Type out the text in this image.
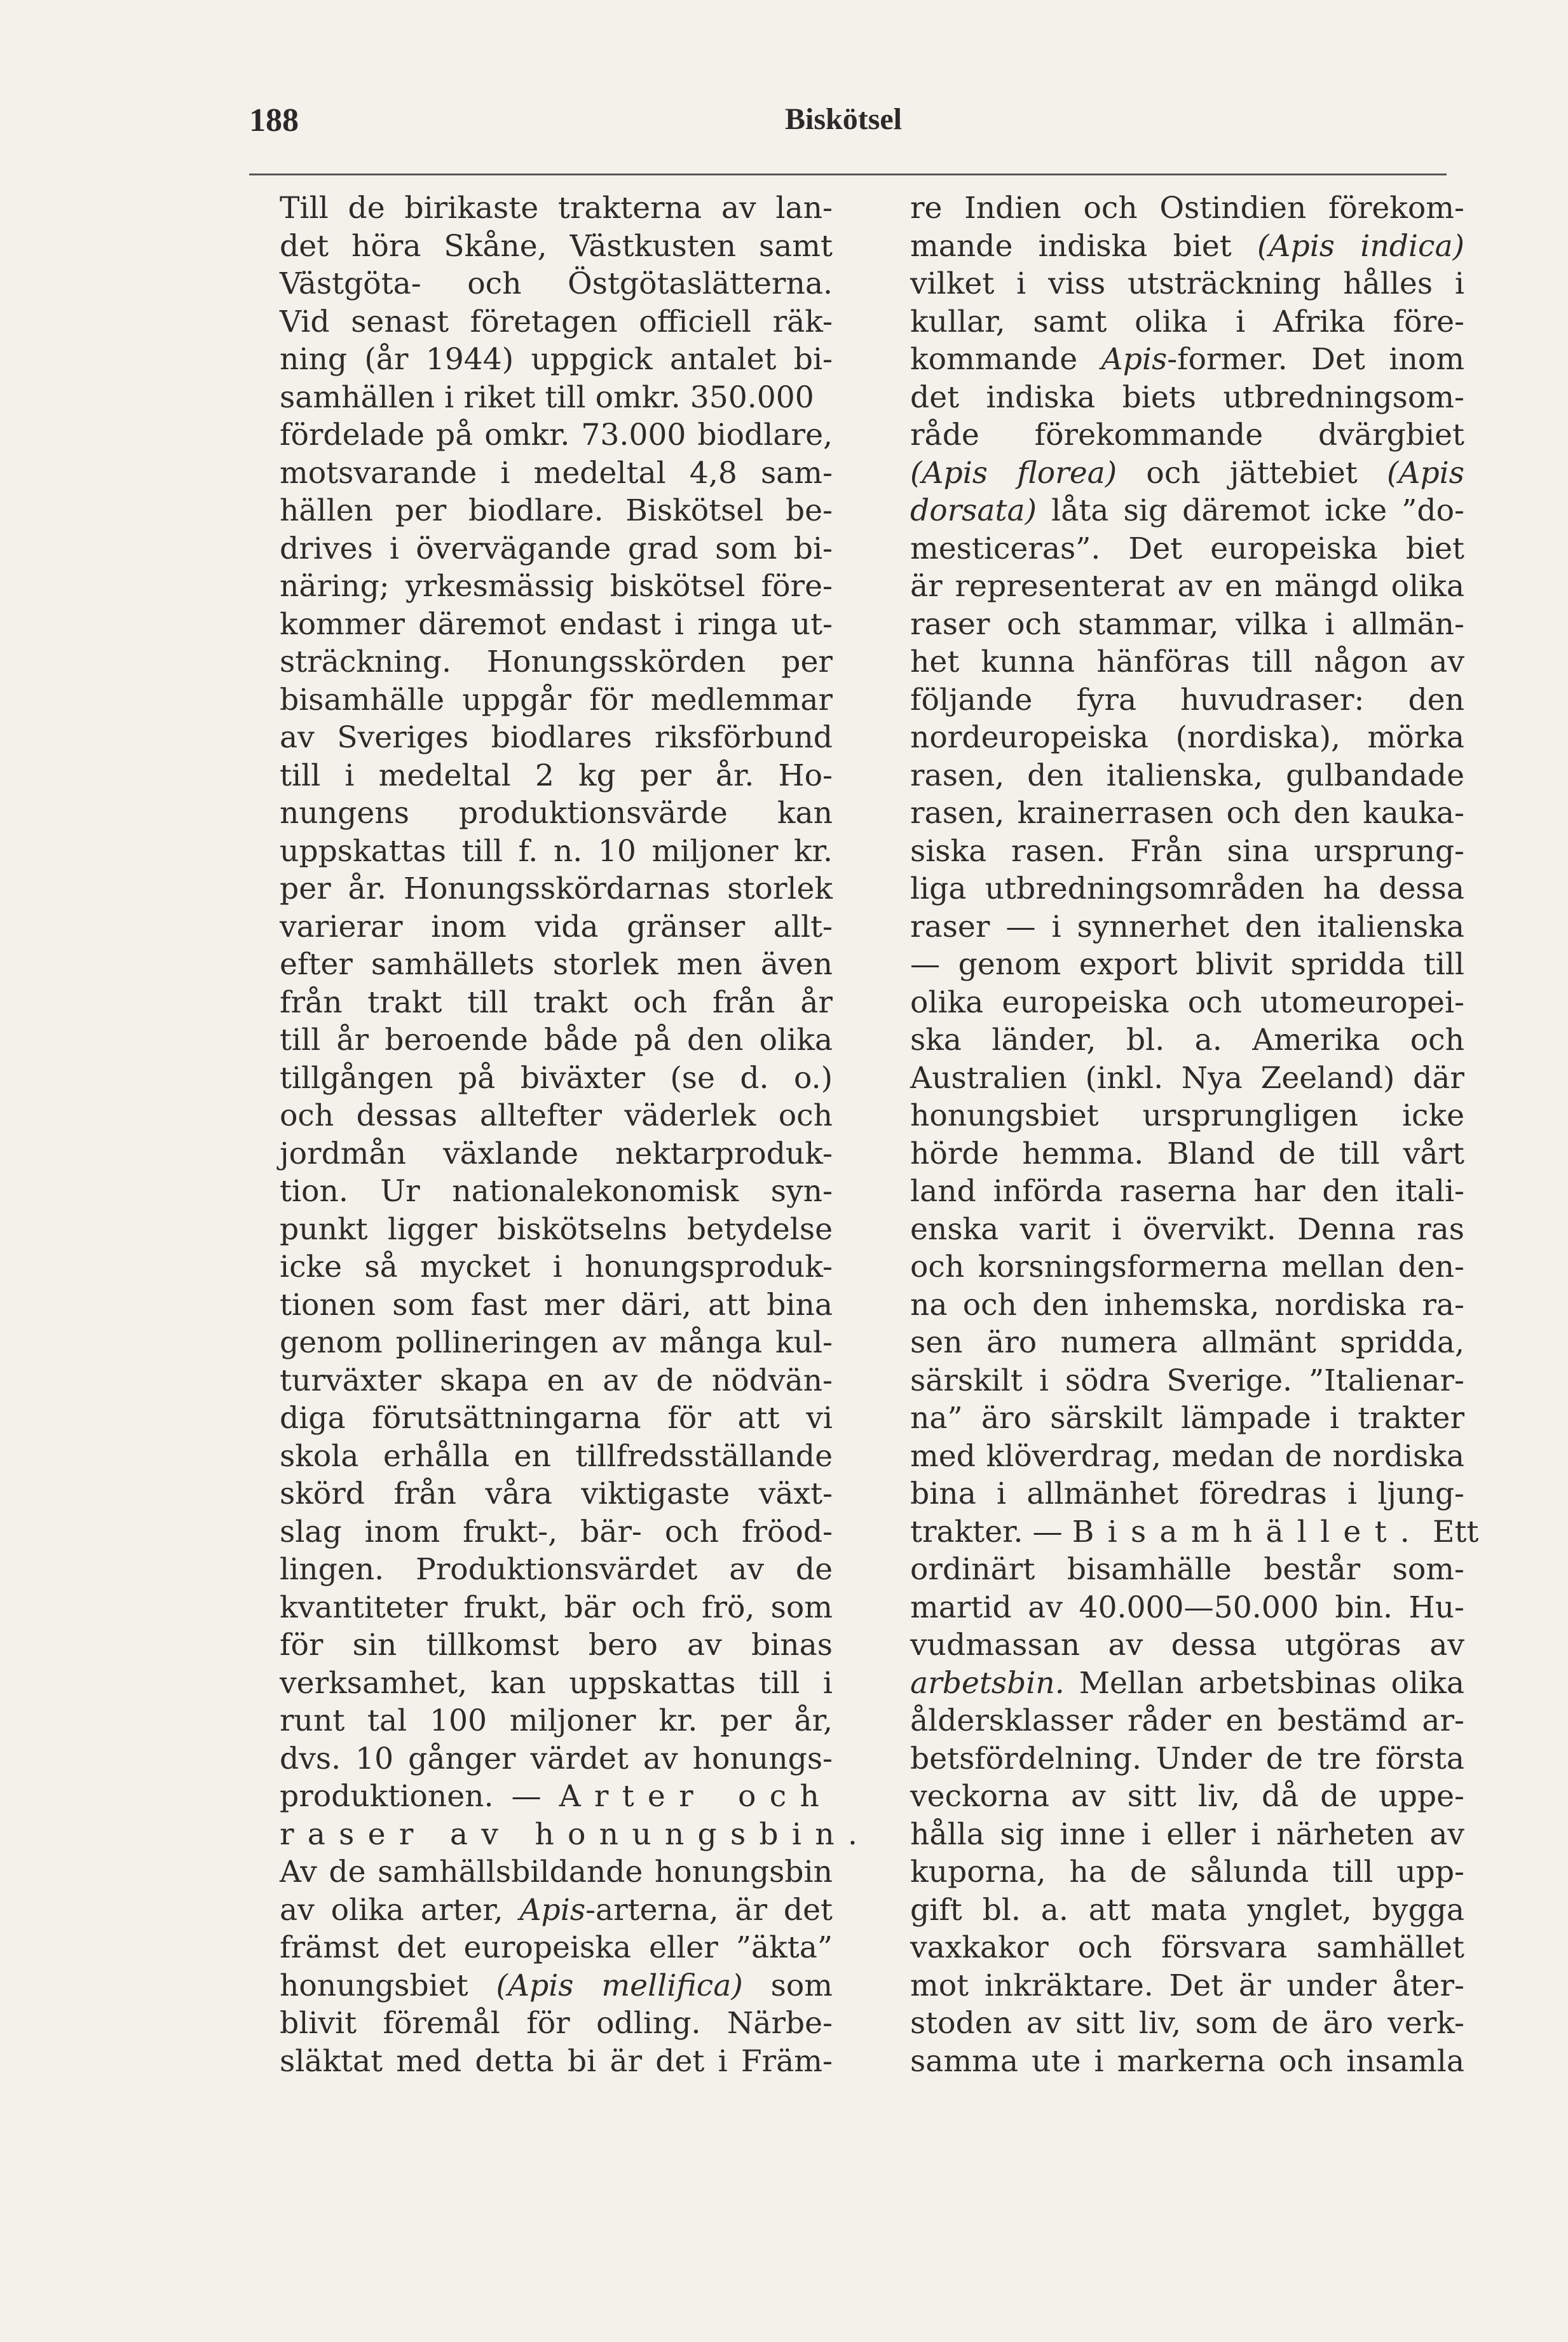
188	Biskötsel
Till de birikaste trakterna av lan-
det höra Skåne, Västkusten samt
Västgöta- och Östgötaslätterna.
Vid senast företagen officiell räk-
ning (år 1944) uppgick antalet bi-
samhällen i riket till omkr. 350.000
fördelade på omkr. 73.000 biodlare,
motsvarande i medeltal 4,8 sam-
hällen per biodlare. Biskötsel be-
drives i övervägande grad som bi-
näring; yrkesmässig biskötsel före-
kommer däremot endast i ringa ut-
sträckning. Honungsskörden per
bisamhälle uppgår för medlemmar
av Sveriges biodlares riksförbund
till i medeltal 2 kg per år. Ho-
nungens produktionsvärde kan
uppskattas till f. n. 10 miljoner kr.
per år. Honungsskördarnas storlek
varierar inom vida gränser allt-
efter samhällets storlek men även
från trakt till trakt och från år
till år beroende både på den olika
tillgången på biväxter (se d. o.)
och dessas alltefter väderlek och
jordmån växlande nektarproduk-
tion. Ur nationalekonomisk syn-
punkt ligger biskötselns betydelse
icke så mycket i honungsproduk-
tionen som fast mer däri, att bina
genom pollineringen av många kul-
turväxter skapa en av de nödvän-
diga förutsättningarna för att vi
skola erhålla en tillfredsställande
skörd från våra viktigaste växt-
slag inom frukt-, bär- och fröod-
lingen. Produktionsvärdet av de
kvantiteter frukt, bär och frö, som
för sin tillkomst bero av binas
verksamhet, kan uppskattas till i
runt tal 100 miljoner kr. per år,
dvs. 10 gånger värdet av honungs-
produktionen. — Arter och
raser av honungsbin.
Av de samhällsbildande honungsbin
av olika arter, Apis-arterna, är det
främst det europeiska eller ”äkta”
honungsbiet (Apis mellifica) som
blivit föremål för odling. Närbe-
släktat med detta bi är det i Främ-
re Indien och Ostindien förekom-
mande indiska biet (Apis indica)
vilket i viss utsträckning hålles i
kullar, samt olika i Afrika före-
kommande Apis-former. Det inom
det indiska biets utbredningsom-
råde förekommande dvärgbiet
(Apis florea) och jättebiet (Apis
dorsata) låta sig däremot icke ”do-
mesticeras”. Det europeiska biet
är representerat av en mängd olika
raser och stammar, vilka i allmän-
het kunna hänföras till någon av
följande fyra huvudraser: den
nordeuropeiska (nordiska), mörka
rasen, den italienska, gulbandade
rasen, krainerrasen och den kauka-
siska rasen. Från sina ursprung-
liga utbredningsområden ha dessa
raser — i synnerhet den italienska
— genom export blivit spridda till
olika europeiska och utomeuropei-
ska länder, bl. a. Amerika och
Australien (inkl. Nya Zeeland) där
honungsbiet ursprungligen icke
hörde hemma. Bland de till vårt
land införda raserna har den itali-
enska varit i övervikt. Denna ras
och korsningsformerna mellan den-
na och den inhemska, nordiska ra-
sen äro numera allmänt spridda,
särskilt i södra Sverige. ”Italienar-
na” äro särskilt lämpade i trakter
med klöverdrag, medan de nordiska
bina i allmänhet föredras i ljung-
trakter. — Bisamhället. Ett
ordinärt bisamhälle består som-
martid av 40.000—50.000 bin. Hu-
vudmassan av dessa utgöras av
arbetsbin. Mellan arbetsbinas olika
åldersklasser råder en bestämd ar-
betsfördelning. Under de tre första
veckorna av sitt liv, då de uppe-
hålla sig inne i eller i närheten av
kuporna, ha de sålunda till upp-
gift bl. a. att mata ynglet, bygga
vaxkakor och försvara samhället
mot inkräktare. Det är under åter-
stoden av sitt liv, som de äro verk-
samma ute i markerna och insamla
